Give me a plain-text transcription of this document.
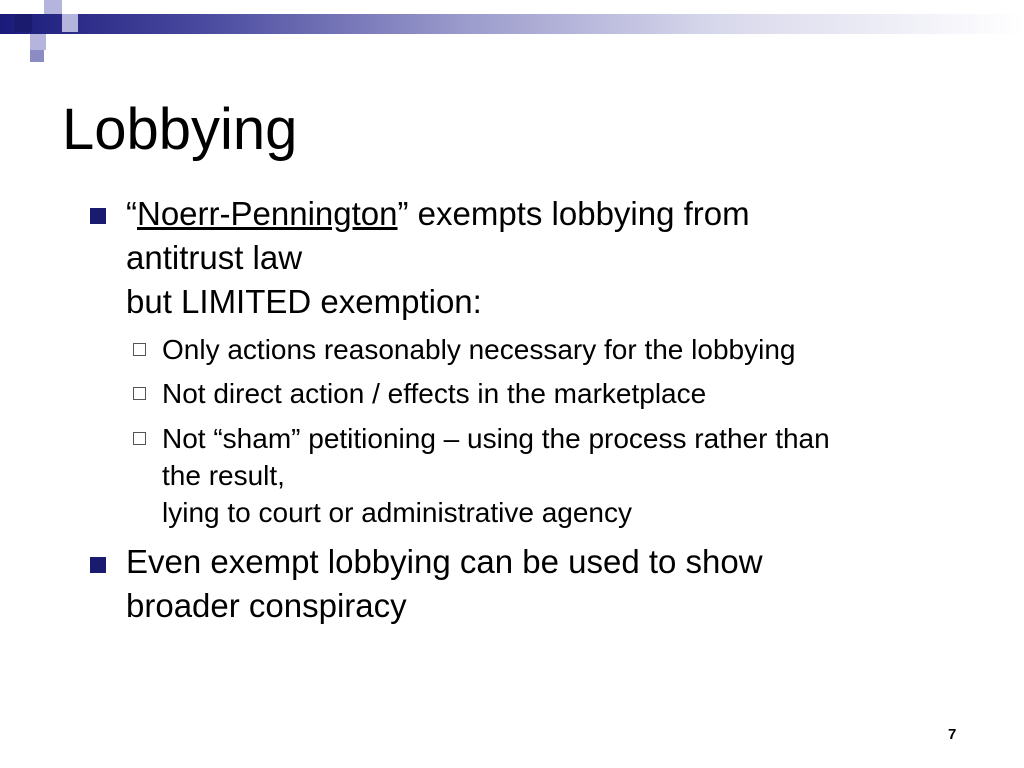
Lobbying
“Noerr-Pennington” exempts lobbying from
antitrust law
but LIMITED exemption:
Only actions reasonably necessary for the lobbying
Not direct action / effects in the marketplace
Not “sham” petitioning – using the process rather than
the result,
lying to court or administrative agency
Even exempt lobbying can be used to show
broader conspiracy
7
